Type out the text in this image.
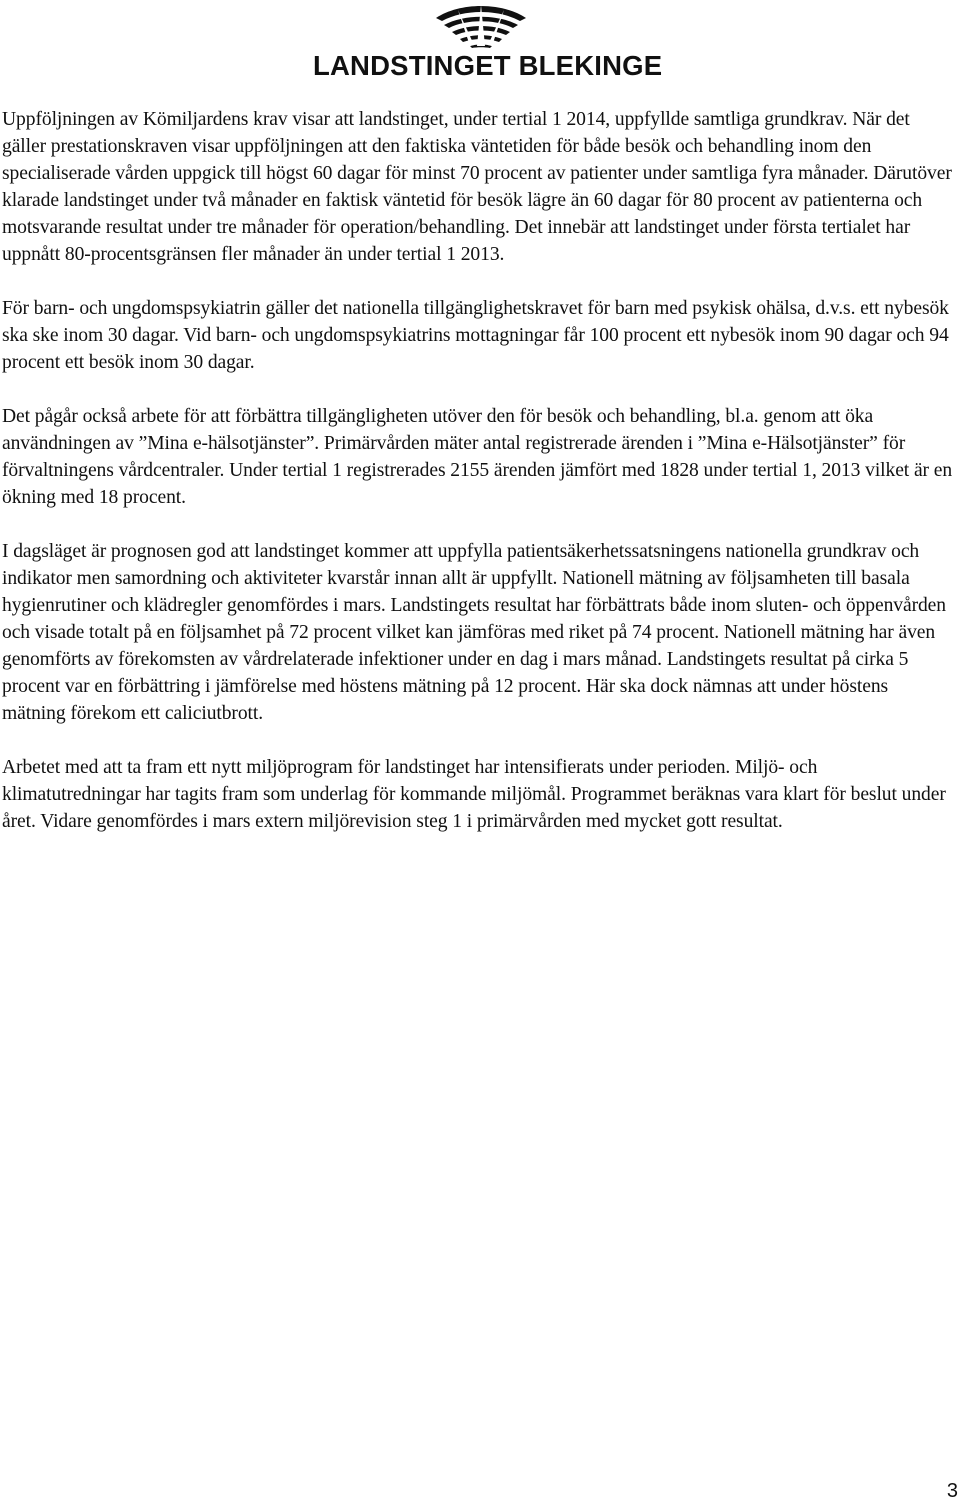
LANDSTINGET BLEKINGE

Uppföljningen av Kömiljardens krav visar att landstinget, under tertial 1 2014, uppfyllde samtliga grundkrav. När det gäller prestationskraven visar uppföljningen att den faktiska väntetiden för både besök och behandling inom den specialiserade vården uppgick till högst 60 dagar för minst 70 procent av patienter under samtliga fyra månader. Därutöver klarade landstinget under två månader en faktisk väntetid för besök lägre än 60 dagar för 80 procent av patienterna och motsvarande resultat under tre månader för operation/behandling. Det innebär att landstinget under första tertialet har uppnått 80-procentsgränsen fler månader än under tertial 1 2013.

För barn- och ungdomspsykiatrin gäller det nationella tillgänglighetskravet för barn med psykisk ohälsa, d.v.s. ett nybesök ska ske inom 30 dagar. Vid barn- och ungdomspsykiatrins mottagningar får 100 procent ett nybesök inom 90 dagar och 94 procent ett besök inom 30 dagar.

Det pågår också arbete för att förbättra tillgängligheten utöver den för besök och behandling, bl.a. genom att öka användningen av ”Mina e-hälsotjänster”. Primärvården mäter antal registrerade ärenden i ”Mina e-Hälsotjänster” för förvaltningens vårdcentraler. Under tertial 1 registrerades 2155 ärenden jämfört med 1828 under tertial 1, 2013 vilket är en ökning med 18 procent.

I dagsläget är prognosen god att landstinget kommer att uppfylla patientsäkerhetssatsningens nationella grundkrav och indikator men samordning och aktiviteter kvarstår innan allt är uppfyllt. Nationell mätning av följsamheten till basala hygienrutiner och klädregler genomfördes i mars. Landstingets resultat har förbättrats både inom sluten- och öppenvården och visade totalt på en följsamhet på 72 procent vilket kan jämföras med riket på 74 procent. Nationell mätning har även genomförts av förekomsten av vårdrelaterade infektioner under en dag i mars månad. Landstingets resultat på cirka 5 procent var en förbättring i jämförelse med höstens mätning på 12 procent. Här ska dock nämnas att under höstens mätning förekom ett caliciutbrott.

Arbetet med att ta fram ett nytt miljöprogram för landstinget har intensifierats under perioden. Miljö- och klimatutredningar har tagits fram som underlag för kommande miljömål. Programmet beräknas vara klart för beslut under året. Vidare genomfördes i mars extern miljörevision steg 1 i primärvården med mycket gott resultat.

3
